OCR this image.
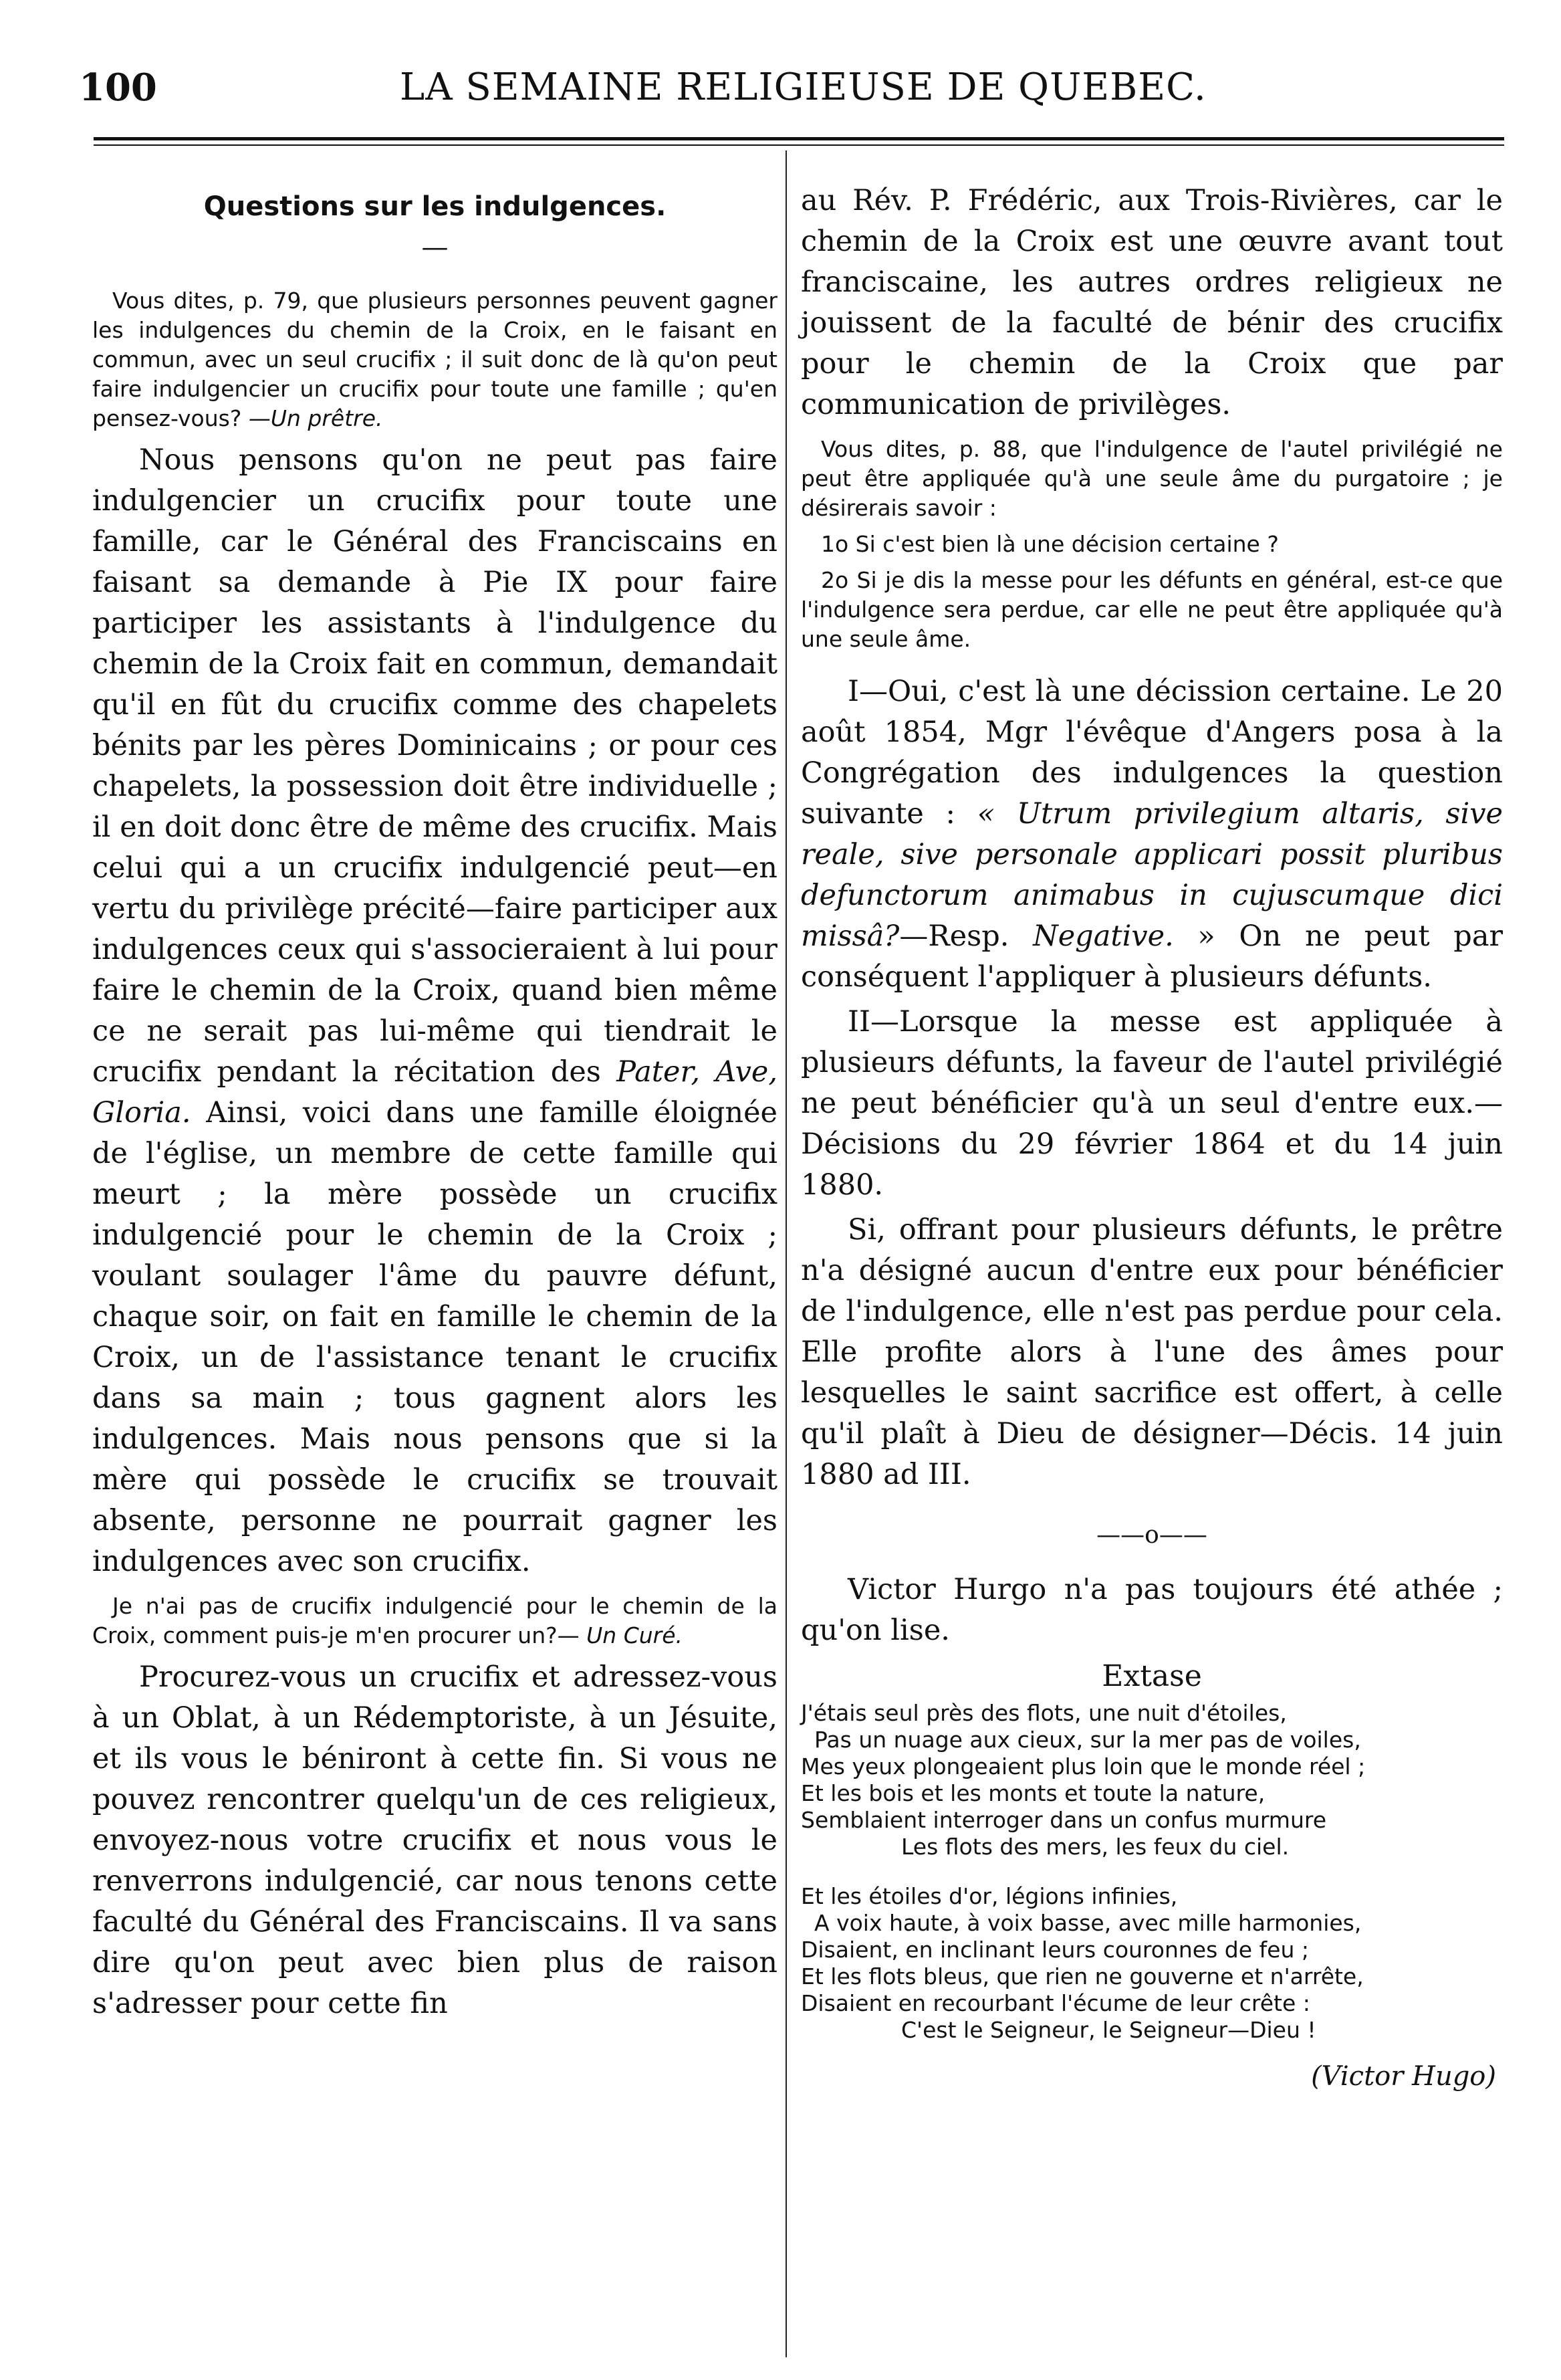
100	LA SEMAINE RELIGIEUSE DE QUEBEC.
Questions sur les indulgences.
—

Vous dites, p. 79, que plusieurs personnes peuvent gagner les indulgences du chemin de la Croix, en le faisant en commun, avec un seul crucifix ; il suit donc de là qu'on peut faire indulgencier un crucifix pour toute une famille ; qu'en pensez-vous? —Un prêtre.

Nous pensons qu'on ne peut pas faire indulgencier un crucifix pour toute une famille, car le Général des Franciscains en faisant sa demande à Pie IX pour faire participer les assistants à l'indulgence du chemin de la Croix fait en commun, demandait qu'il en fût du crucifix comme des chapelets bénits par les pères Dominicains ; or pour ces chapelets, la possession doit être individuelle ; il en doit donc être de même des crucifix. Mais celui qui a un crucifix indulgencié peut—en vertu du privilège précité—faire participer aux indulgences ceux qui s'associeraient à lui pour faire le chemin de la Croix, quand bien même ce ne serait pas lui-même qui tiendrait le crucifix pendant la récitation des Pater, Ave, Gloria. Ainsi, voici dans une famille éloignée de l'église, un membre de cette famille qui meurt ; la mère possède un crucifix indulgencié pour le chemin de la Croix ; voulant soulager l'âme du pauvre défunt, chaque soir, on fait en famille le chemin de la Croix, un de l'assistance tenant le crucifix dans sa main ; tous gagnent alors les indulgences. Mais nous pensons que si la mère qui possède le crucifix se trouvait absente, personne ne pourrait gagner les indulgences avec son crucifix.

Je n'ai pas de crucifix indulgencié pour le chemin de la Croix, comment puis-je m'en procurer un?— Un Curé.

Procurez-vous un crucifix et adressez-vous à un Oblat, à un Rédemptoriste, à un Jésuite, et ils vous le béniront à cette fin. Si vous ne pouvez rencontrer quelqu'un de ces religieux, envoyez-nous votre crucifix et nous vous le renverrons indulgencié, car nous tenons cette faculté du Général des Franciscains. Il va sans dire qu'on peut avec bien plus de raison s'adresser pour cette fin

au Rév. P. Frédéric, aux Trois-Rivières, car le chemin de la Croix est une œuvre avant tout franciscaine, les autres ordres religieux ne jouissent de la faculté de bénir des crucifix pour le chemin de la Croix que par communication de privilèges.

Vous dites, p. 88, que l'indulgence de l'autel privilégié ne peut être appliquée qu'à une seule âme du purgatoire ; je désirerais savoir :

1o Si c'est bien là une décision certaine ?

2o Si je dis la messe pour les défunts en général, est-ce que l'indulgence sera perdue, car elle ne peut être appliquée qu'à une seule âme.

I—Oui, c'est là une décission certaine. Le 20 août 1854, Mgr l'évêque d'Angers posa à la Congrégation des indulgences la question suivante : « Utrum privilegium altaris, sive reale, sive personale applicari possit pluribus defunctorum animabus in cujuscumque dici missâ?—Resp. Negative. » On ne peut par conséquent l'appliquer à plusieurs défunts.

II—Lorsque la messe est appliquée à plusieurs défunts, la faveur de l'autel privilégié ne peut bénéficier qu'à un seul d'entre eux.— Décisions du 29 février 1864 et du 14 juin 1880.

Si, offrant pour plusieurs défunts, le prêtre n'a désigné aucun d'entre eux pour bénéficier de l'indulgence, elle n'est pas perdue pour cela. Elle profite alors à l'une des âmes pour lesquelles le saint sacrifice est offert, à celle qu'il plaît à Dieu de désigner—Décis. 14 juin 1880 ad III.

——o——

Victor Hurgo n'a pas toujours été athée ; qu'on lise.

Extase
J'étais seul près des flots, une nuit d'étoiles,
Pas un nuage aux cieux, sur la mer pas de voiles,
Mes yeux plongeaient plus loin que le monde réel ;
Et les bois et les monts et toute la nature,
Semblaient interroger dans un confus murmure
Les flots des mers, les feux du ciel.
Et les étoiles d'or, légions infinies,
A voix haute, à voix basse, avec mille harmonies,
Disaient, en inclinant leurs couronnes de feu ;
Et les flots bleus, que rien ne gouverne et n'arrête,
Disaient en recourbant l'écume de leur crête :
C'est le Seigneur, le Seigneur—Dieu !
(Victor Hugo)
